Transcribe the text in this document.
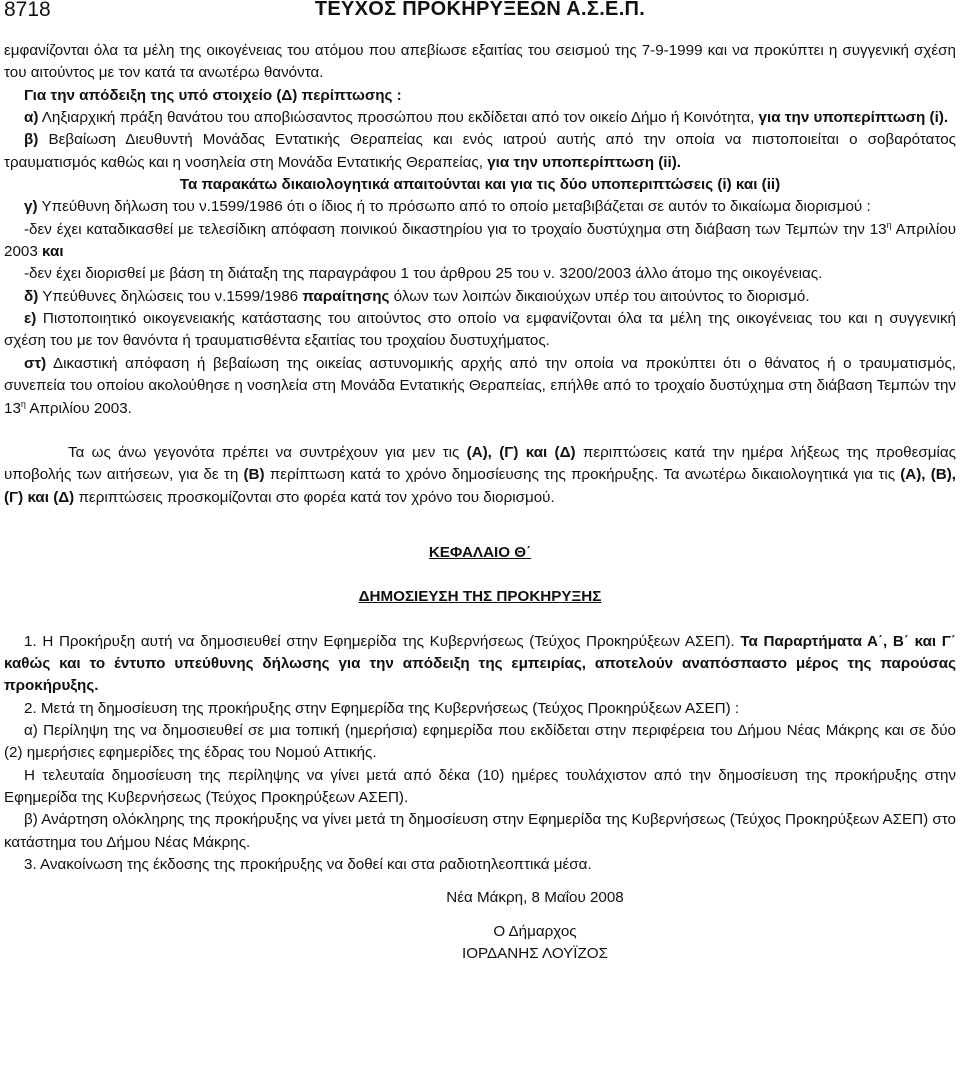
8718	ΤΕΥΧΟΣ ΠΡΟΚΗΡΥΞΕΩΝ Α.Σ.Ε.Π.

εμφανίζονται όλα τα μέλη της οικογένειας του ατόμου που απεβίωσε εξαιτίας του σεισμού της 7-9-1999 και να προκύπτει η συγγενική σχέση του αιτούντος με τον κατά τα ανωτέρω θανόντα.

Για την απόδειξη της υπό στοιχείο (Δ) περίπτωσης :

α) Ληξιαρχική πράξη θανάτου του αποβιώσαντος προσώπου που εκδίδεται από τον οικείο Δήμο ή Κοινότητα, για την υποπερίπτωση (i).

β) Βεβαίωση Διευθυντή Μονάδας Εντατικής Θεραπείας και ενός ιατρού αυτής από την οποία να πιστοποιείται ο σοβαρότατος τραυματισμός καθώς και η νοσηλεία στη Μονάδα Εντατικής Θεραπείας, για την υποπερίπτωση (ii).

Τα παρακάτω δικαιολογητικά απαιτούνται και για τις δύο υποπεριπτώσεις (i) και (ii)

γ) Υπεύθυνη δήλωση του ν.1599/1986 ότι ο ίδιος ή το πρόσωπο από το οποίο μεταβιβάζεται σε αυτόν το δικαίωμα διορισμού :

-δεν έχει καταδικασθεί με τελεσίδικη απόφαση ποινικού δικαστηρίου για το τροχαίο δυστύχημα στη διάβαση των Τεμπών την $13^\eta$ Απριλίου 2003 και

-δεν έχει διορισθεί με βάση τη διάταξη της παραγράφου 1 του άρθρου 25 του ν. 3200/2003 άλλο άτομο της οικογένειας.

δ) Υπεύθυνες δηλώσεις του ν.1599/1986 παραίτησης όλων των λοιπών δικαιούχων υπέρ του αιτούντος το διορισμό.

ε) Πιστοποιητικό οικογενειακής κατάστασης του αιτούντος στο οποίο να εμφανίζονται όλα τα μέλη της οικογένειας του και η συγγενική σχέση του με τον θανόντα ή τραυματισθέντα εξαιτίας του τροχαίου δυστυχήματος.

στ) Δικαστική απόφαση ή βεβαίωση της οικείας αστυνομικής αρχής από την οποία να προκύπτει ότι ο θάνατος ή ο τραυματισμός, συνεπεία του οποίου ακολούθησε η νοσηλεία στη Μονάδα Εντατικής Θεραπείας, επήλθε από το τροχαίο δυστύχημα στη διάβαση Τεμπών την $13^\eta$ Απριλίου 2003.

Τα ως άνω γεγονότα πρέπει να συντρέχουν για μεν τις (Α), (Γ) και (Δ) περιπτώσεις κατά την ημέρα λήξεως της προθεσμίας υποβολής των αιτήσεων, για δε τη (Β) περίπτωση κατά το χρόνο δημοσίευσης της προκήρυξης. Τα ανωτέρω δικαιολογητικά για τις (Α), (Β), (Γ) και (Δ) περιπτώσεις προσκομίζονται στο φορέα κατά τον χρόνο του διορισμού.

ΚΕΦΑΛΑΙΟ Θ΄

ΔΗΜΟΣΙΕΥΣΗ ΤΗΣ ΠΡΟΚΗΡΥΞΗΣ

1. Η Προκήρυξη αυτή να δημοσιευθεί στην Εφημερίδα της Κυβερνήσεως (Τεύχος Προκηρύξεων ΑΣΕΠ). Τα Παραρτήματα Α΄, Β΄ και Γ΄ καθώς και το έντυπο υπεύθυνης δήλωσης για την απόδειξη της εμπειρίας, αποτελούν αναπόσπαστο μέρος της παρούσας προκήρυξης.

2. Μετά τη δημοσίευση της προκήρυξης στην Εφημερίδα της Κυβερνήσεως (Τεύχος Προκηρύξεων ΑΣΕΠ) :

α) Περίληψη της να δημοσιευθεί σε μια τοπική (ημερήσια) εφημερίδα που εκδίδεται στην περιφέρεια του Δήμου Νέας Μάκρης και σε δύο (2) ημερήσιες εφημερίδες της έδρας του Νομού Αττικής.

Η τελευταία δημοσίευση της περίληψης να γίνει μετά από δέκα (10) ημέρες τουλάχιστον από την δημοσίευση της προκήρυξης στην Εφημερίδα της Κυβερνήσεως (Τεύχος Προκηρύξεων ΑΣΕΠ).

β) Ανάρτηση ολόκληρης της προκήρυξης να γίνει μετά τη δημοσίευση στην Εφημερίδα της Κυβερνήσεως (Τεύχος Προκηρύξεων ΑΣΕΠ) στο κατάστημα του Δήμου Νέας Μάκρης.

3. Ανακοίνωση της έκδοσης της προκήρυξης να δοθεί και στα ραδιοτηλεοπτικά μέσα.

Νέα Μάκρη, 8 Μαΐου 2008

Ο Δήμαρχος

ΙΟΡΔΑΝΗΣ ΛΟΥΪΖΟΣ
